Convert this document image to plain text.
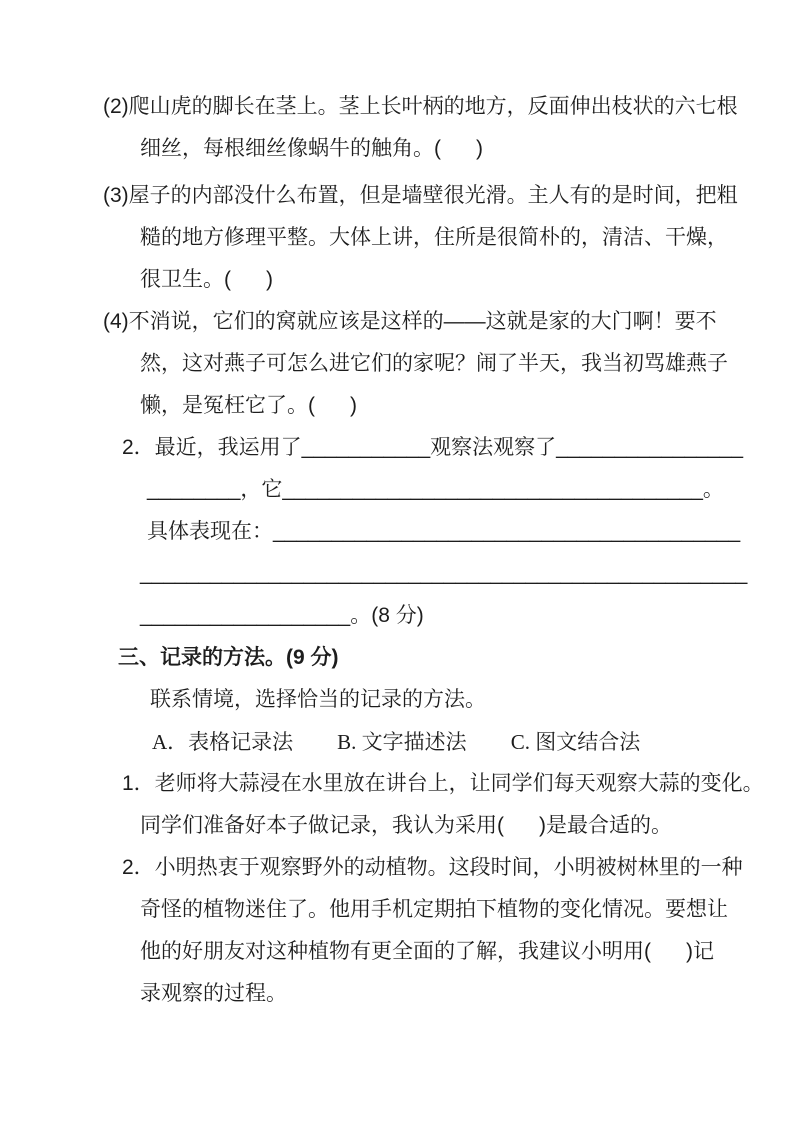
(2)爬山虎的脚长在茎上。茎上长叶柄的地方，反面伸出枝状的六七根
细丝，每根细丝像蜗牛的触角。(      )
(3)屋子的内部没什么布置，但是墙壁很光滑。主人有的是时间，把粗
糙的地方修理平整。大体上讲，住所是很简朴的，清洁、干燥，
很卫生。(      )
(4)不消说，它们的窝就应该是这样的——这就是家的大门啊！要不
然，这对燕子可怎么进它们的家呢？闹了半天，我当初骂雄燕子
懒，是冤枉它了。(      )
2．最近，我运用了___________观察法观察了________________
________，它____________________________________。
具体表现在：________________________________________
____________________________________________________
__________________。(8 分)
三、记录的方法。(9 分)
联系情境，选择恰当的记录的方法。
A．表格记录法 B. 文字描述法 C. 图文结合法
1．老师将大蒜浸在水里放在讲台上，让同学们每天观察大蒜的变化。
同学们准备好本子做记录，我认为采用(      )是最合适的。
2．小明热衷于观察野外的动植物。这段时间，小明被树林里的一种
奇怪的植物迷住了。他用手机定期拍下植物的变化情况。要想让
他的好朋友对这种植物有更全面的了解，我建议小明用(      )记
录观察的过程。
